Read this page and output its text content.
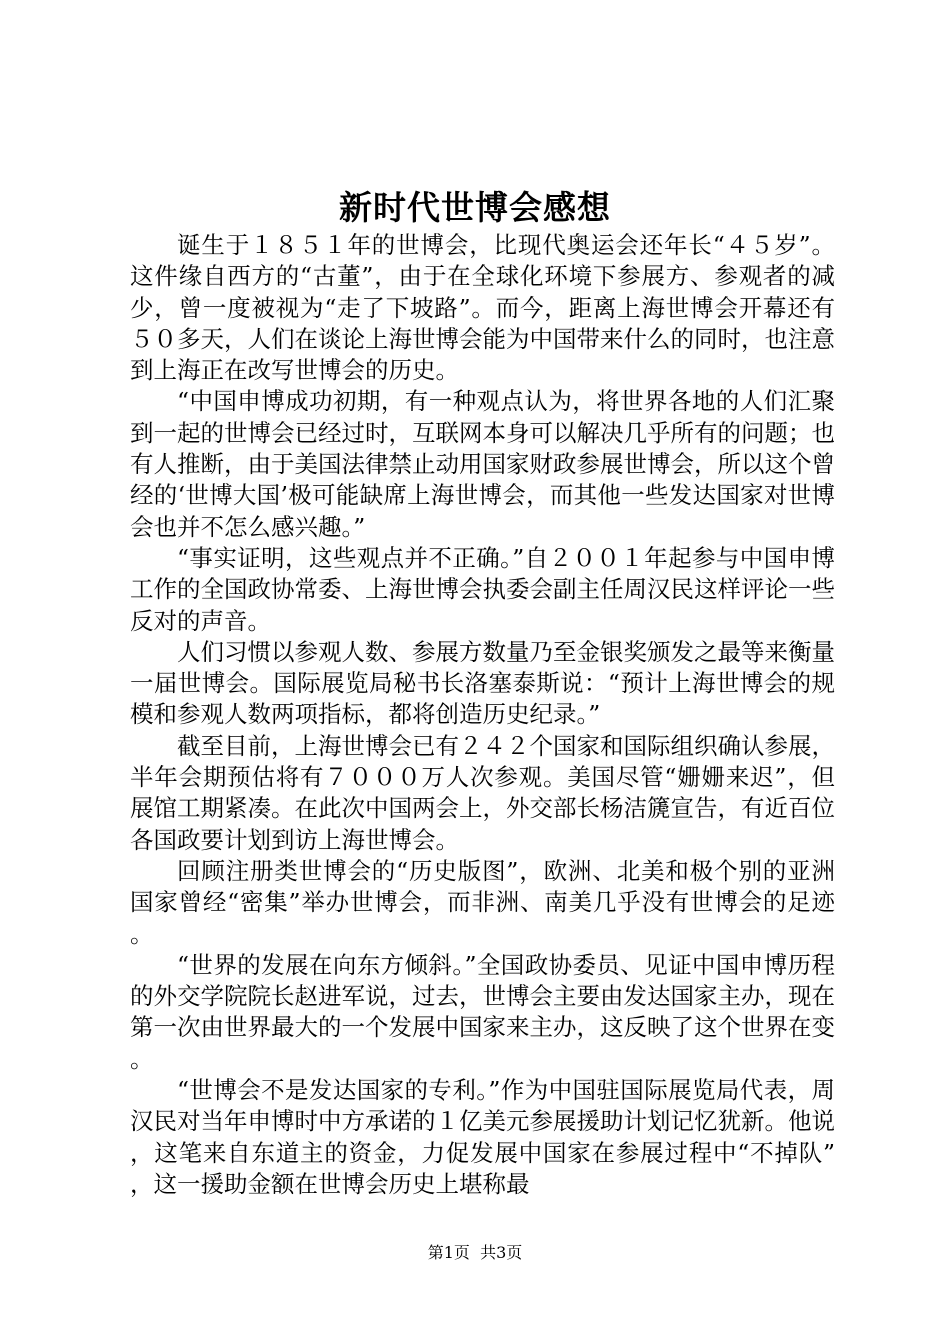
新时代世博会感想

诞生于１８５１年的世博会，比现代奥运会还年长“４５岁”。这件缘自西方的“古董”，由于在全球化环境下参展方、参观者的减少，曾一度被视为“走了下坡路”。而今，距离上海世博会开幕还有５０多天，人们在谈论上海世博会能为中国带来什么的同时，也注意到上海正在改写世博会的历史。

“中国申博成功初期，有一种观点认为，将世界各地的人们汇聚到一起的世博会已经过时，互联网本身可以解决几乎所有的问题；也有人推断，由于美国法律禁止动用国家财政参展世博会，所以这个曾经的‘世博大国’极可能缺席上海世博会，而其他一些发达国家对世博会也并不怎么感兴趣。”

“事实证明，这些观点并不正确。”自２００１年起参与中国申博工作的全国政协常委、上海世博会执委会副主任周汉民这样评论一些反对的声音。

人们习惯以参观人数、参展方数量乃至金银奖颁发之最等来衡量一届世博会。国际展览局秘书长洛塞泰斯说：“预计上海世博会的规模和参观人数两项指标，都将创造历史纪录。”

截至目前，上海世博会已有２４２个国家和国际组织确认参展，半年会期预估将有７０００万人次参观。美国尽管“姗姗来迟”，但展馆工期紧凑。在此次中国两会上，外交部长杨洁篪宣告，有近百位各国政要计划到访上海世博会。

回顾注册类世博会的“历史版图”，欧洲、北美和极个别的亚洲国家曾经“密集”举办世博会，而非洲、南美几乎没有世博会的足迹。

“世界的发展在向东方倾斜。”全国政协委员、见证中国申博历程的外交学院院长赵进军说，过去，世博会主要由发达国家主办，现在第一次由世界最大的一个发展中国家来主办，这反映了这个世界在变。

“世博会不是发达国家的专利。”作为中国驻国际展览局代表，周汉民对当年申博时中方承诺的１亿美元参展援助计划记忆犹新。他说，这笔来自东道主的资金，力促发展中国家在参展过程中“不掉队”，这一援助金额在世博会历史上堪称最

第1页 共3页
